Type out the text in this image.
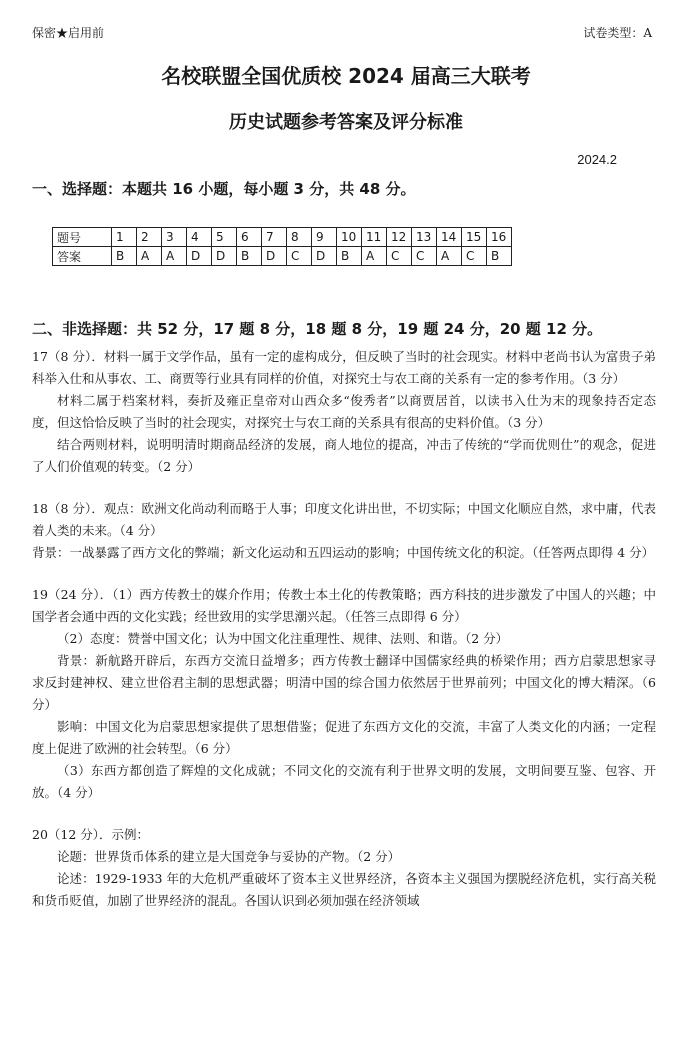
保密★启用前	试卷类型：A
名校联盟全国优质校 2024 届高三大联考
历史试题参考答案及评分标准
2024.2
一、选择题：本题共 16 小题，每小题 3 分，共 48 分。
题号	1	2	3	4	5	6	7	8	9	10	11	12	13	14	15	16
答案	B	A	A	D	D	B	D	C	D	B	A	C	C	A	C	B
二、非选择题：共 52 分，17 题 8 分，18 题 8 分，19 题 24 分，20 题 12 分。

17（8 分）．材料一属于文学作品，虽有一定的虚构成分，但反映了当时的社会现实。材料中老尚书认为富贵子弟科举入仕和从事农、工、商贾等行业具有同样的价值，对探究士与农工商的关系有一定的参考作用。（3 分）

材料二属于档案材料，奏折及雍正皇帝对山西众多“俊秀者”以商贾居首，以读书入仕为末的现象持否定态度，但这恰恰反映了当时的社会现实，对探究士与农工商的关系具有很高的史料价值。（3 分）

结合两则材料，说明明清时期商品经济的发展，商人地位的提高，冲击了传统的“学而优则仕”的观念，促进了人们价值观的转变。（2 分）

18（8 分）．观点：欧洲文化尚动利而略于人事；印度文化讲出世，不切实际；中国文化顺应自然，求中庸，代表着人类的未来。（4 分）

背景：一战暴露了西方文化的弊端；新文化运动和五四运动的影响；中国传统文化的积淀。（任答两点即得 4 分）

19（24 分）．（1）西方传教士的媒介作用；传教士本土化的传教策略；西方科技的进步激发了中国人的兴趣；中国学者会通中西的文化实践；经世致用的实学思潮兴起。（任答三点即得 6 分）

（2）态度：赞誉中国文化；认为中国文化注重理性、规律、法则、和谐。（2 分）

背景：新航路开辟后，东西方交流日益增多；西方传教士翻译中国儒家经典的桥梁作用；西方启蒙思想家寻求反封建神权、建立世俗君主制的思想武器；明清中国的综合国力依然居于世界前列；中国文化的博大精深。（6 分）

影响：中国文化为启蒙思想家提供了思想借鉴；促进了东西方文化的交流，丰富了人类文化的内涵；一定程度上促进了欧洲的社会转型。（6 分）

（3）东西方都创造了辉煌的文化成就；不同文化的交流有利于世界文明的发展，文明间要互鉴、包容、开放。（4 分）

20（12 分）．示例：

论题：世界货币体系的建立是大国竞争与妥协的产物。（2 分）

论述：1929-1933 年的大危机严重破坏了资本主义世界经济，各资本主义强国为摆脱经济危机，实行高关税和货币贬值，加剧了世界经济的混乱。各国认识到必须加强在经济领域
